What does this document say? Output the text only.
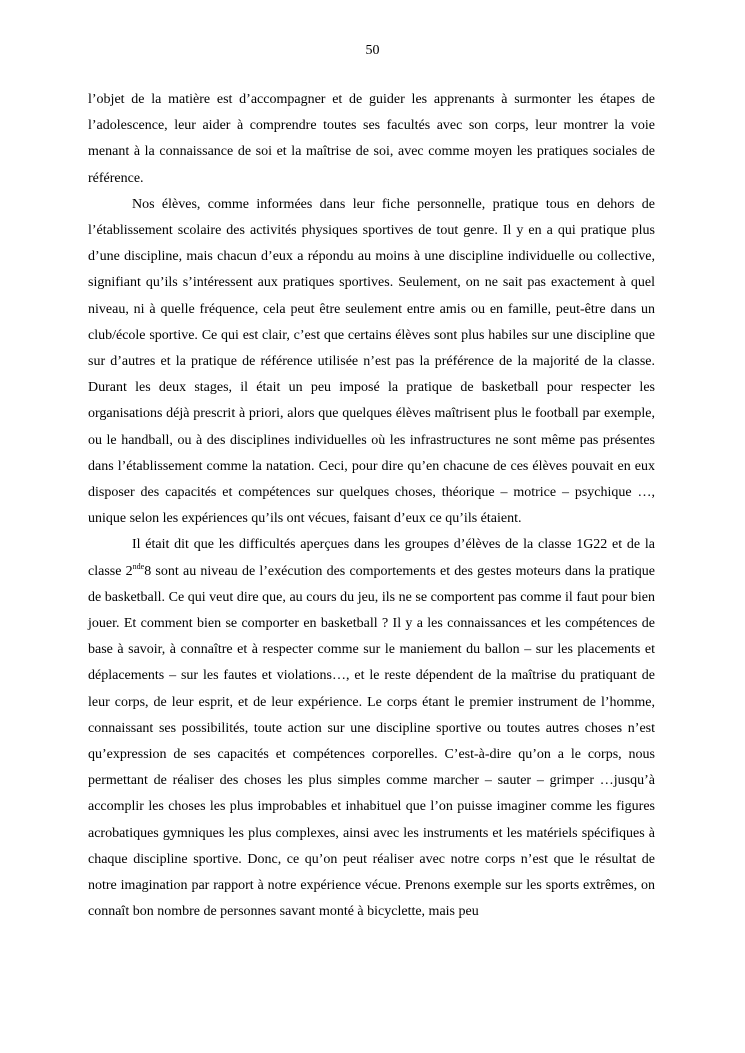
50

l’objet de la matière est d’accompagner et de guider les apprenants à surmonter les étapes de l’adolescence, leur aider à comprendre toutes ses facultés avec son corps, leur montrer la voie menant à la connaissance de soi et la maîtrise de soi, avec comme moyen les pratiques sociales de référence.

Nos élèves, comme informées dans leur fiche personnelle, pratique tous en dehors de l’établissement scolaire des activités physiques sportives de tout genre. Il y en a qui pratique plus d’une discipline, mais chacun d’eux a répondu au moins à une discipline individuelle ou collective, signifiant qu’ils s’intéressent aux pratiques sportives. Seulement, on ne sait pas exactement à quel niveau, ni à quelle fréquence, cela peut être seulement entre amis ou en famille, peut-être dans un club/école sportive. Ce qui est clair, c’est que certains élèves sont plus habiles sur une discipline que sur d’autres et la pratique de référence utilisée n’est pas la préférence de la majorité de la classe. Durant les deux stages, il était un peu imposé la pratique de basketball pour respecter les organisations déjà prescrit à priori, alors que quelques élèves maîtrisent plus le football par exemple, ou le handball, ou à des disciplines individuelles où les infrastructures ne sont même pas présentes dans l’établissement comme la natation. Ceci, pour dire qu’en chacune de ces élèves pouvait en eux disposer des capacités et compétences sur quelques choses, théorique – motrice – psychique …, unique selon les expériences qu’ils ont vécues, faisant d’eux ce qu’ils étaient.

Il était dit que les difficultés aperçues dans les groupes d’élèves de la classe 1G22 et de la classe 2nde8 sont au niveau de l’exécution des comportements et des gestes moteurs dans la pratique de basketball. Ce qui veut dire que, au cours du jeu, ils ne se comportent pas comme il faut pour bien jouer. Et comment bien se comporter en basketball ? Il y a les connaissances et les compétences de base à savoir, à connaître et à respecter comme sur le maniement du ballon – sur les placements et déplacements – sur les fautes et violations…, et le reste dépendent de la maîtrise du pratiquant de leur corps, de leur esprit, et de leur expérience. Le corps étant le premier instrument de l’homme, connaissant ses possibilités, toute action sur une discipline sportive ou toutes autres choses n’est qu’expression de ses capacités et compétences corporelles. C’est-à-dire qu’on a le corps, nous permettant de réaliser des choses les plus simples comme marcher – sauter – grimper …jusqu’à accomplir les choses les plus improbables et inhabituel que l’on puisse imaginer comme les figures acrobatiques gymniques les plus complexes, ainsi avec les instruments et les matériels spécifiques à chaque discipline sportive. Donc, ce qu’on peut réaliser avec notre corps n’est que le résultat de notre imagination par rapport à notre expérience vécue. Prenons exemple sur les sports extrêmes, on connaît bon nombre de personnes savant monté à bicyclette, mais peu
